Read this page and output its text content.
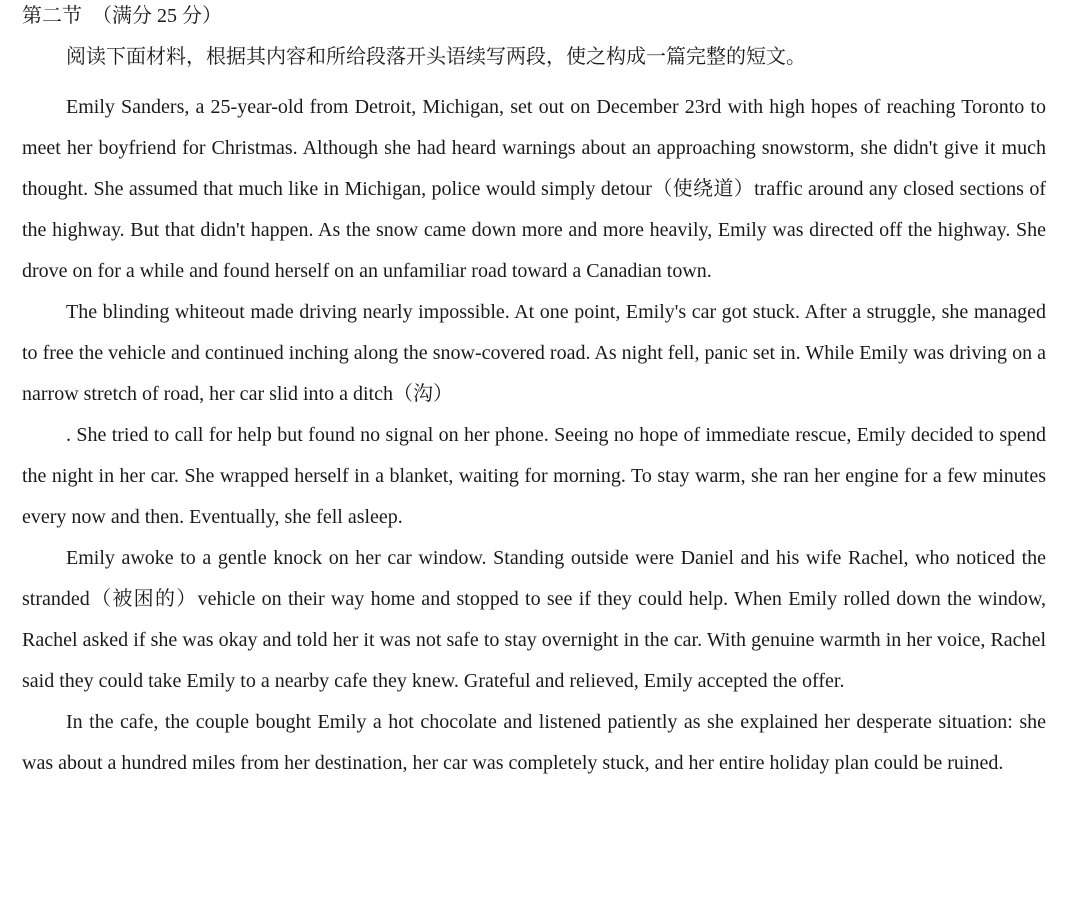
第二节　（满分 25 分）
阅读下面材料，根据其内容和所给段落开头语续写两段，使之构成一篇完整的短文。

Emily Sanders, a 25-year-old from Detroit, Michigan, set out on December 23rd with high hopes of reaching Toronto to meet her boyfriend for Christmas. Although she had heard warnings about an approaching snowstorm, she didn't give it much thought. She assumed that much like in Michigan, police would simply detour（使绕道）traffic around any closed sections of the highway. But that didn't happen. As the snow came down more and more heavily, Emily was directed off the highway. She drove on for a while and found herself on an unfamiliar road toward a Canadian town.

The blinding whiteout made driving nearly impossible. At one point, Emily's car got stuck. After a struggle, she managed to free the vehicle and continued inching along the snow-covered road. As night fell, panic set in. While Emily was driving on a narrow stretch of road, her car slid into a ditch（沟）

. She tried to call for help but found no signal on her phone. Seeing no hope of immediate rescue, Emily decided to spend the night in her car. She wrapped herself in a blanket, waiting for morning. To stay warm, she ran her engine for a few minutes every now and then. Eventually, she fell asleep.

Emily awoke to a gentle knock on her car window. Standing outside were Daniel and his wife Rachel, who noticed the stranded（被困的）vehicle on their way home and stopped to see if they could help. When Emily rolled down the window, Rachel asked if she was okay and told her it was not safe to stay overnight in the car. With genuine warmth in her voice, Rachel said they could take Emily to a nearby cafe they knew. Grateful and relieved, Emily accepted the offer.

In the cafe, the couple bought Emily a hot chocolate and listened patiently as she explained her desperate situation: she was about a hundred miles from her destination, her car was completely stuck, and her entire holiday plan could be ruined.
